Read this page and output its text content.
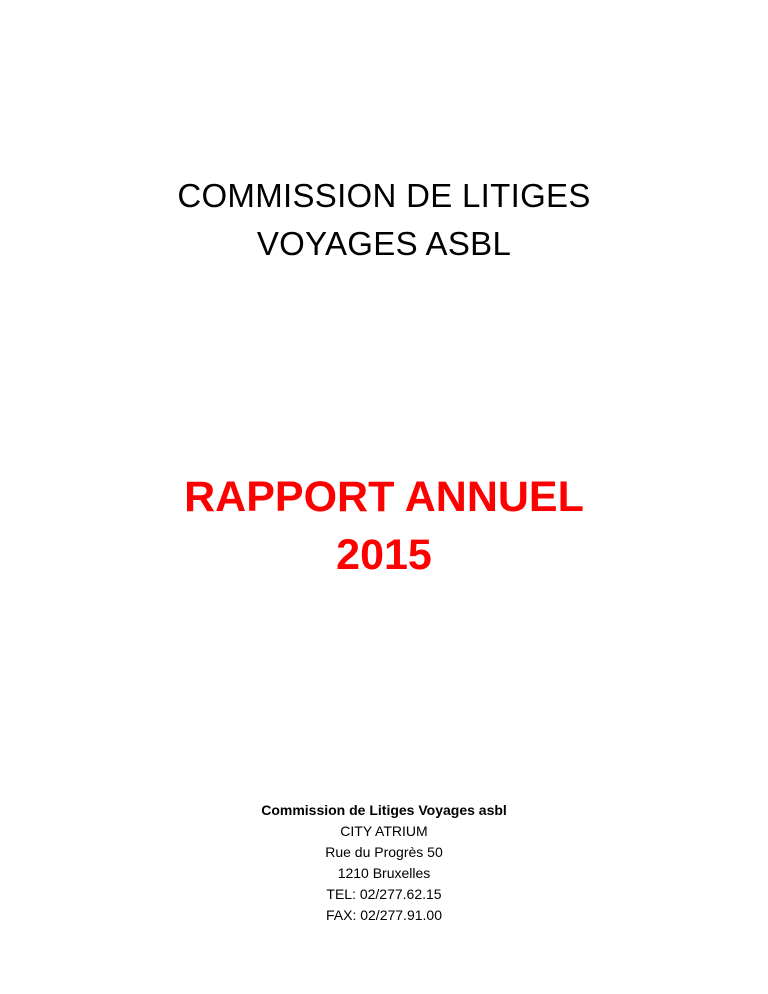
COMMISSION DE LITIGES
VOYAGES ASBL
RAPPORT ANNUEL
2015
Commission de Litiges Voyages asbl
CITY ATRIUM
Rue du Progrès 50
1210 Bruxelles
TEL: 02/277.62.15
FAX: 02/277.91.00
